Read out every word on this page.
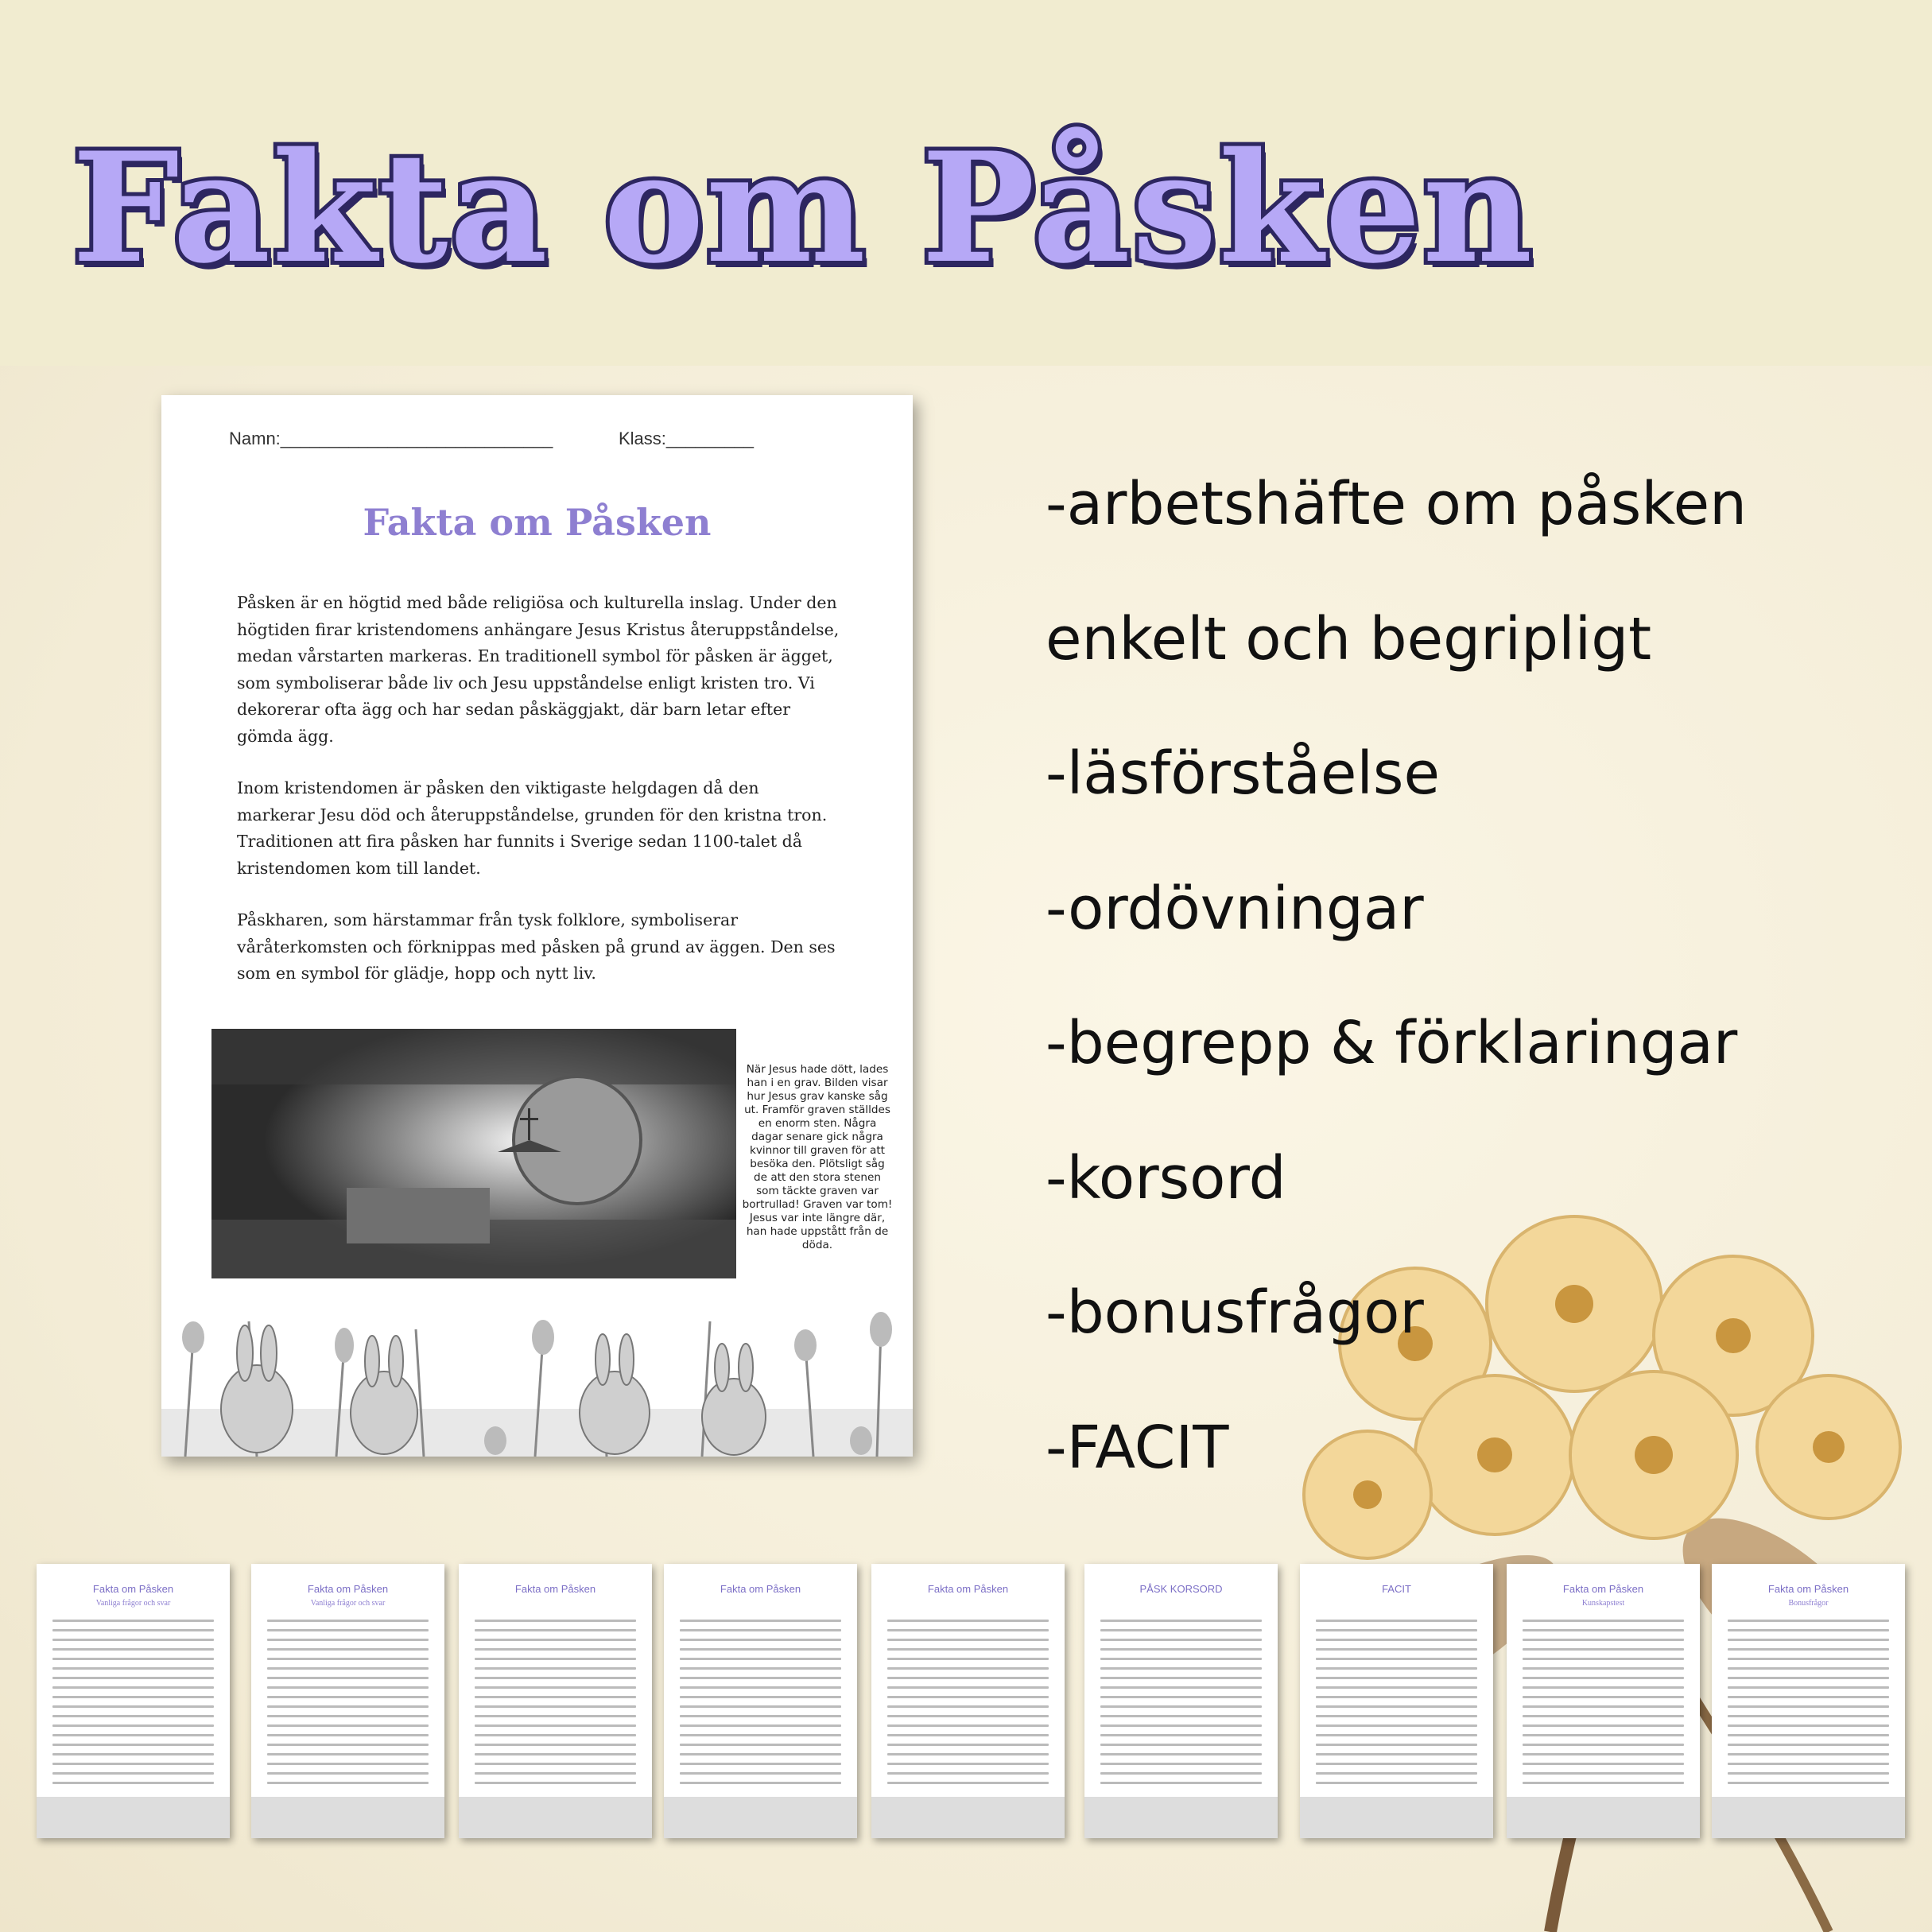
Fakta om Påsken
Namn:____________________________	Klass:_________
Fakta om Påsken

Påsken är en högtid med både religiösa och kulturella inslag. Under den högtiden firar kristendomens anhängare Jesus Kristus återuppståndelse, medan vårstarten markeras. En traditionell symbol för påsken är ägget, som symboliserar både liv och Jesu uppståndelse enligt kristen tro. Vi dekorerar ofta ägg och har sedan påskäggjakt, där barn letar efter gömda ägg.

Inom kristendomen är påsken den viktigaste helgdagen då den markerar Jesu död och återuppståndelse, grunden för den kristna tron. Traditionen att fira påsken har funnits i Sverige sedan 1100-talet då kristendomen kom till landet.

Påskharen, som härstammar från tysk folklore, symboliserar våråterkomsten och förknippas med påsken på grund av äggen. Den ses som en symbol för glädje, hopp och nytt liv.

När Jesus hade dött, lades han i en grav. Bilden visar hur Jesus grav kanske såg ut. Framför graven ställdes en enorm sten. Några dagar senare gick några kvinnor till graven för att besöka den. Plötsligt såg de att den stora stenen som täckte graven var bortrullad! Graven var tom! Jesus var inte längre där, han hade uppstått från de döda.
-arbetshäfte om påsken
enkelt och begripligt
-läsförståelse
-ordövningar
-begrepp & förklaringar
-korsord
-bonusfrågor
-FACIT
Fakta om Påsken
Vanliga frågor och svar
Fakta om Påsken
Vanliga frågor och svar
Fakta om Påsken	Fakta om Påsken	Fakta om Påsken	PÅSK KORSORD	FACIT	Fakta om Påsken
Kunskapstest
Fakta om Påsken
Bonusfrågor
